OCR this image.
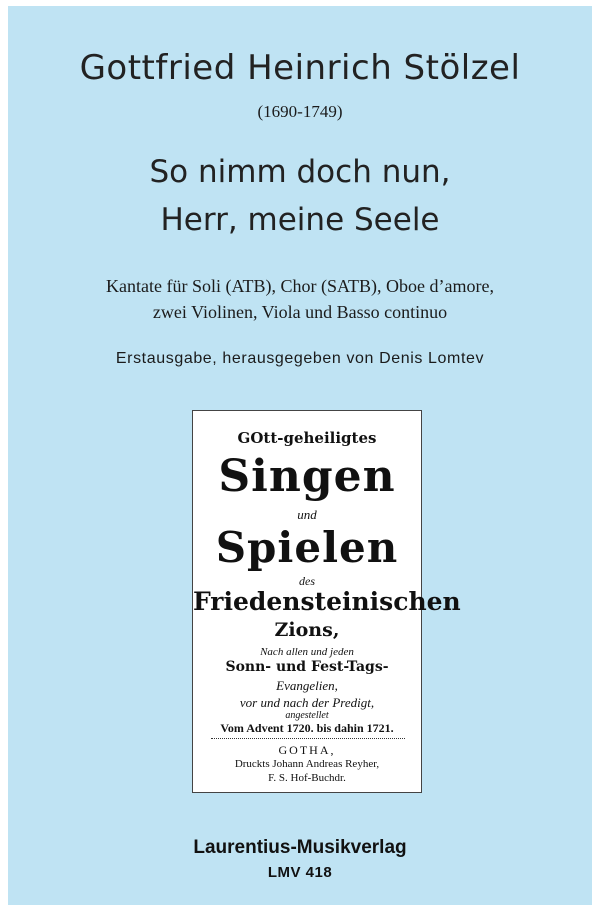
Gottfried Heinrich Stölzel
(1690-1749)
So nimm doch nun,
Herr, meine Seele
Kantate für Soli (ATB), Chor (SATB), Oboe d’amore,
zwei Violinen, Viola und Basso continuo
Erstausgabe, herausgegeben von Denis Lomtev
GOtt-geheiligtes
Singen
und
Spielen
des
Friedensteinischen
Zions,
Nach allen und jeden
Sonn- und Fest-Tags-
Evangelien,
vor und nach der Predigt,
angestellet
Vom Advent 1720. bis dahin 1721.
GOTHA,
Druckts Johann Andreas Reyher,
F. S. Hof-Buchdr.
Laurentius-Musikverlag
LMV 418
